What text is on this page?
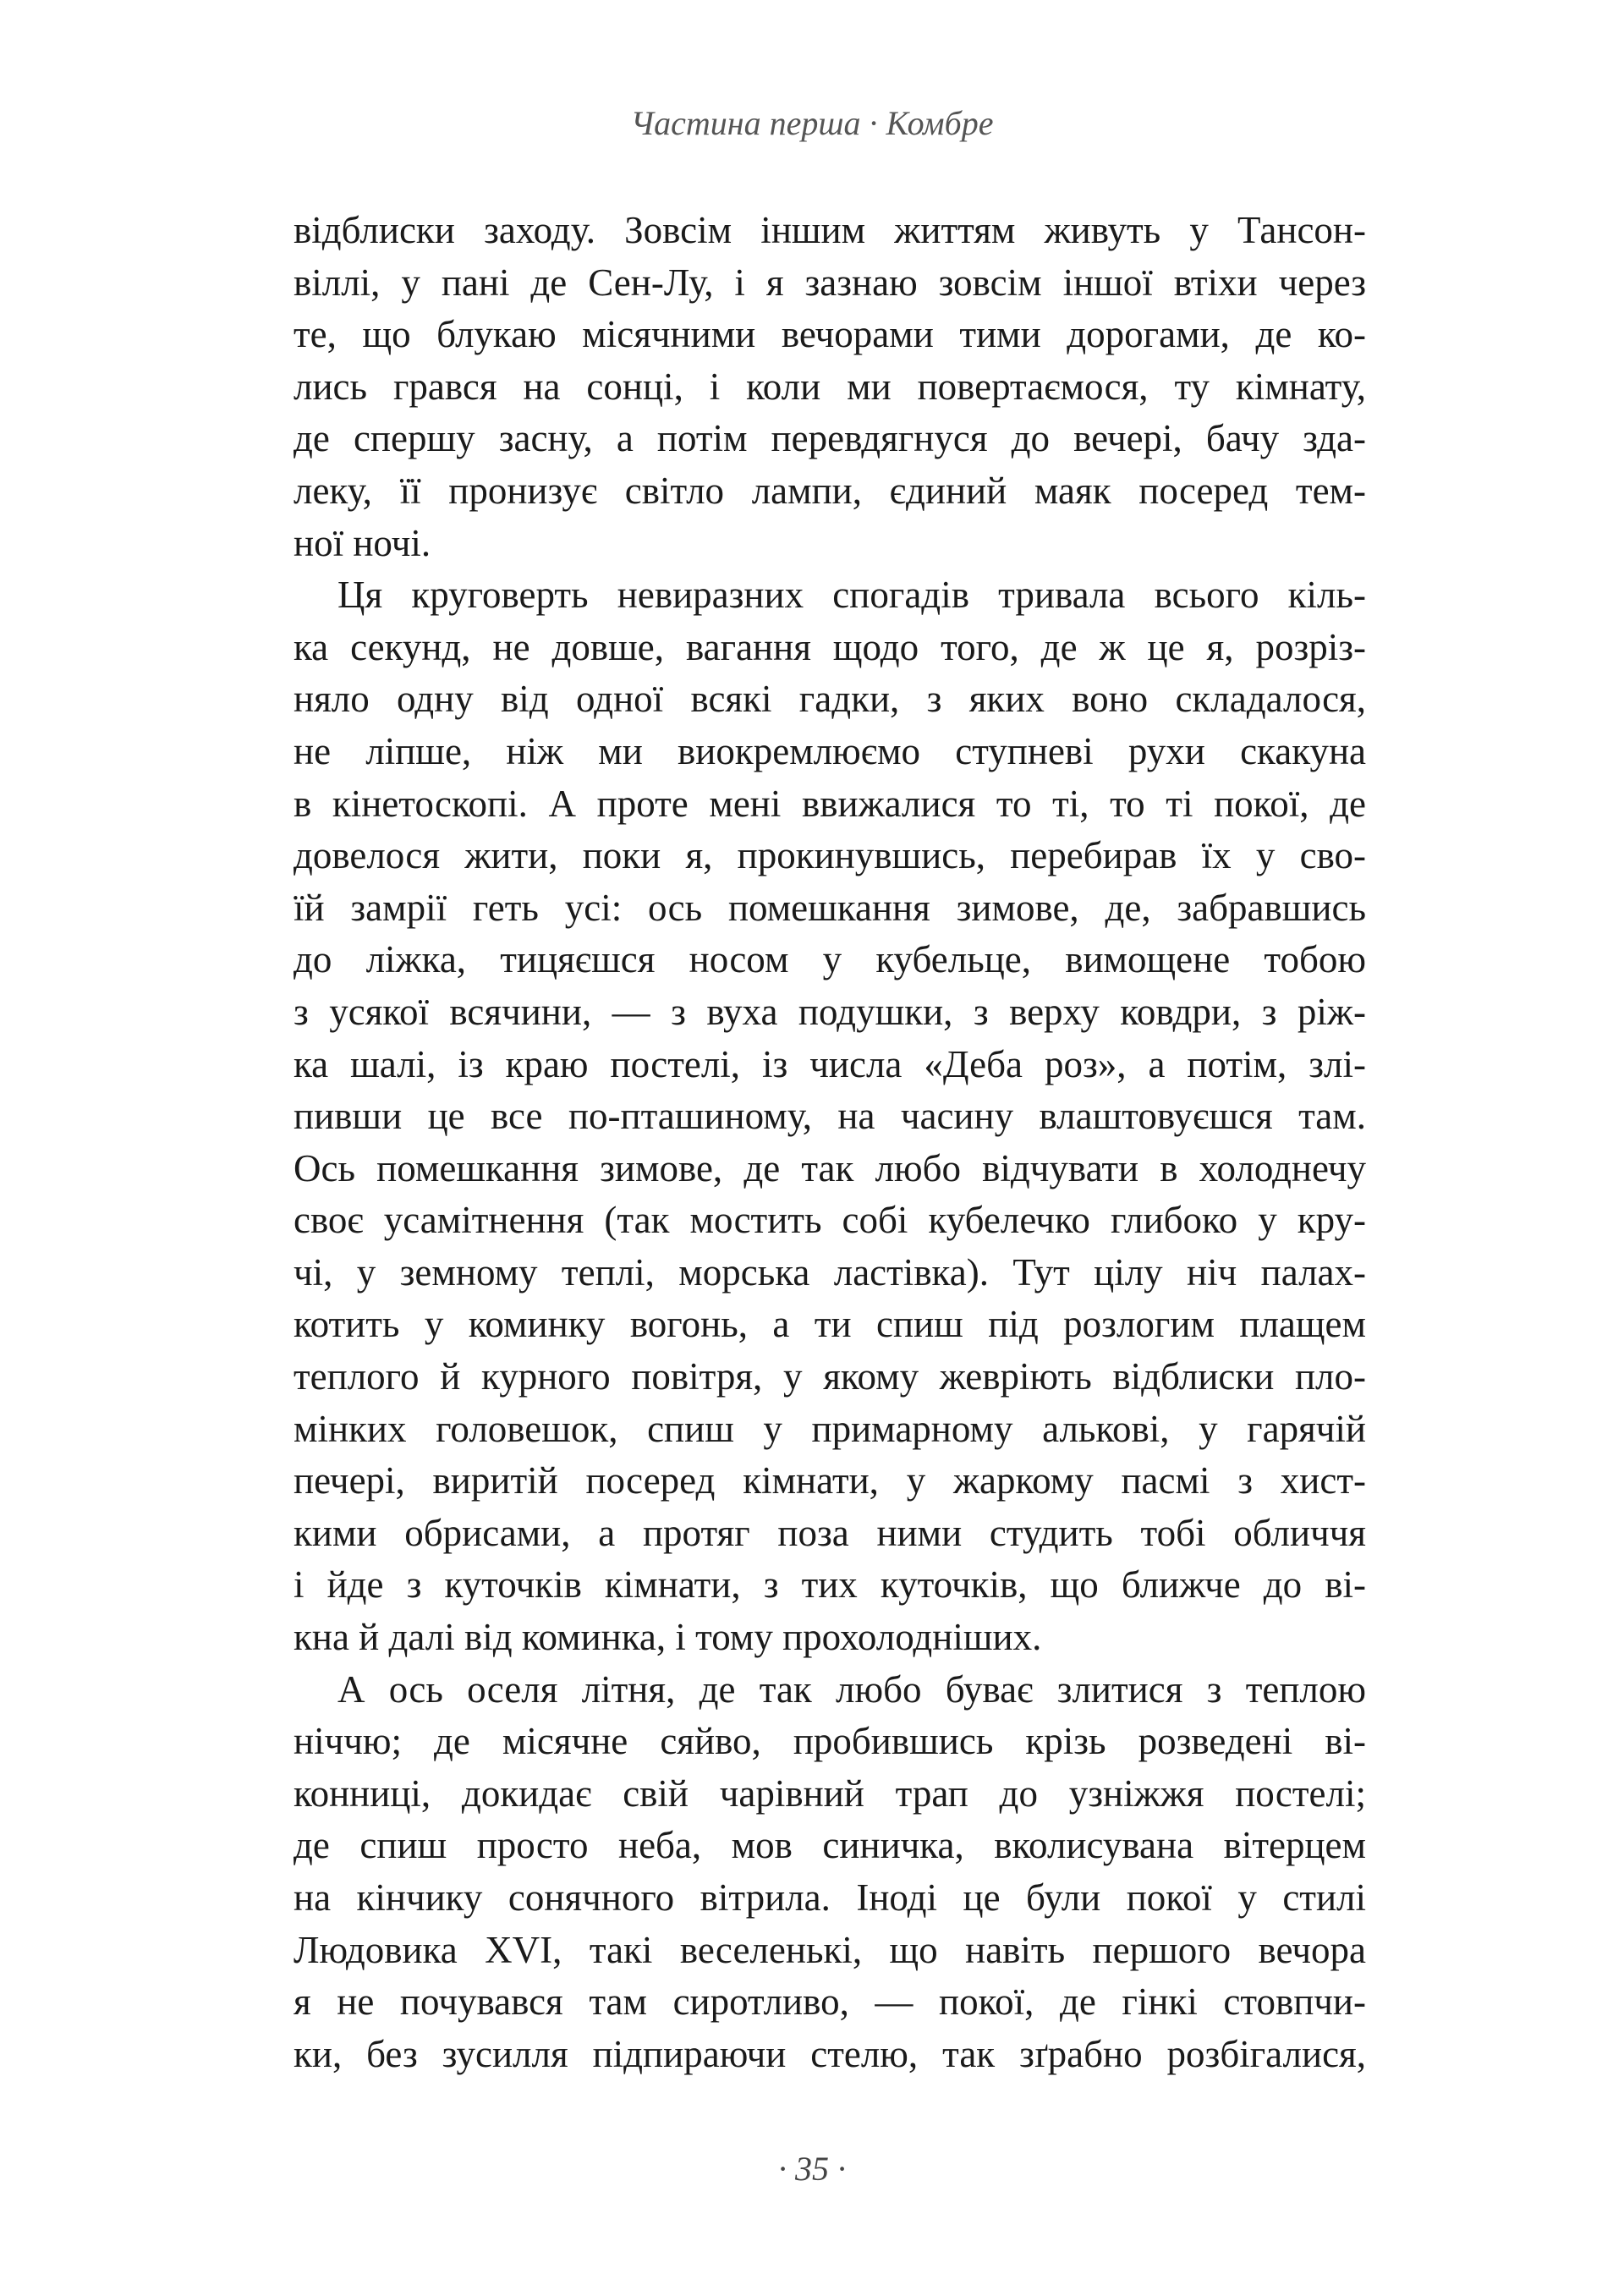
Частина перша · Комбре
відблиски заходу. Зовсім іншим життям живуть у Тансон-
віллі, у пані де Сен-Лу, і я зазнаю зовсім іншої втіхи через
те, що блукаю місячними вечорами тими дорогами, де ко-
лись грався на сонці, і коли ми повертаємося, ту кімнату,
де спершу засну, а потім перевдягнуся до вечері, бачу зда-
леку, її пронизує світло лампи, єдиний маяк посеред тем-
ної ночі.
Ця круговерть невиразних спогадів тривала всього кіль-
ка секунд, не довше, вагання щодо того, де ж це я, розріз-
няло одну від одної всякі гадки, з яких воно складалося,
не ліпше, ніж ми виокремлюємо ступневі рухи скакуна
в кінетоскопі. А проте мені ввижалися то ті, то ті покої, де
довелося жити, поки я, прокинувшись, перебирав їх у сво-
їй замрії геть усі: ось помешкання зимове, де, забравшись
до ліжка, тицяєшся носом у кубельце, вимощене тобою
з усякої всячини, — з вуха подушки, з верху ковдри, з ріж-
ка шалі, із краю постелі, із числа «Деба роз», а потім, злі-
пивши це все по-пташиному, на часину влаштовуєшся там.
Ось помешкання зимове, де так любо відчувати в холоднечу
своє усамітнення (так мостить собі кубелечко глибоко у кру-
чі, у земному теплі, морська ластівка). Тут цілу ніч палах-
котить у коминку вогонь, а ти спиш під розлогим плащем
теплого й курного повітря, у якому жевріють відблиски пло-
мінких головешок, спиш у примарному алькові, у гарячій
печері, виритій посеред кімнати, у жаркому пасмі з хист-
кими обрисами, а протяг поза ними студить тобі обличчя
і йде з куточків кімнати, з тих куточків, що ближче до ві-
кна й далі від коминка, і тому прохолодніших.
А ось оселя літня, де так любо буває злитися з теплою
ніччю; де місячне сяйво, пробившись крізь розведені ві-
конниці, докидає свій чарівний трап до узніжжя постелі;
де спиш просто неба, мов синичка, вколисувана вітерцем
на кінчику сонячного вітрила. Іноді це були покої у стилі
Людовика XVI, такі веселенькі, що навіть першого вечора
я не почувався там сиротливо, — покої, де гінкі стовпчи-
ки, без зусилля підпираючи стелю, так зґрабно розбігалися,
· 35 ·
